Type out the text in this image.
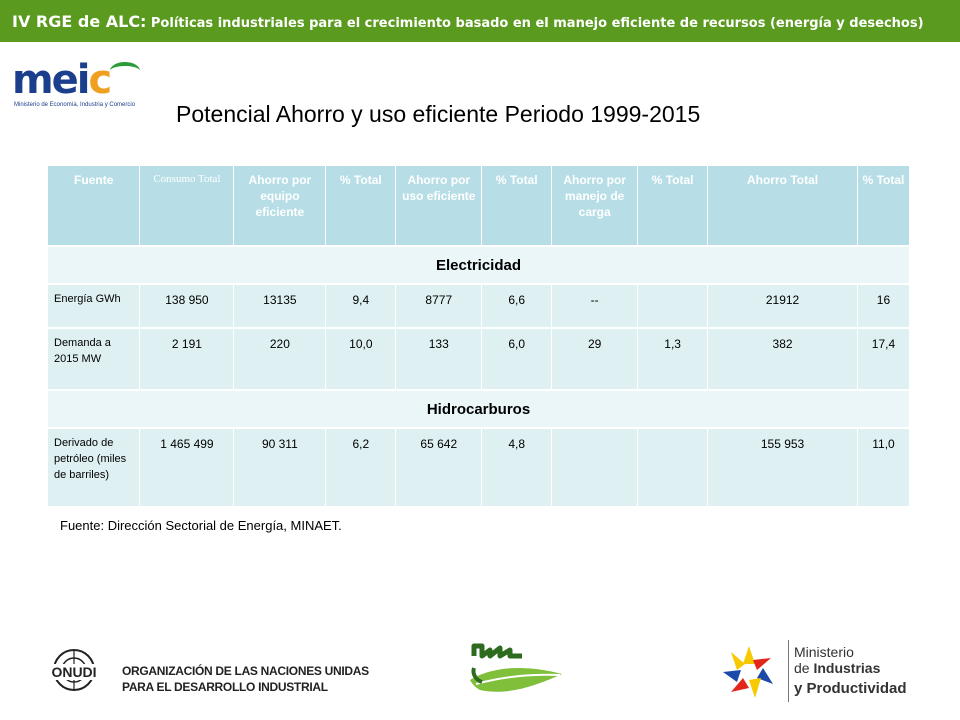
IV RGE de ALC: Políticas industriales para el crecimiento basado en el manejo eficiente de recursos (energía y desechos)
meic
Ministerio de Economía, Industria y Comercio Potencial Ahorro y uso eficiente Periodo 1999-2015
Fuente	Consumo Total	Ahorro por equipo eficiente	% Total	Ahorro por uso eficiente	% Total	Ahorro por manejo de carga	% Total	Ahorro Total	% Total
Electricidad									
Energía GWh	138 950	13135	9,4	8777	6,6	--		21912	16
Demanda a 2015 MW	2 191	220	10,0	133	6,0	29	1,3	382	17,4
Hidrocarburos									
Derivado de petróleo (miles de barriles)	1 465 499	90 311	6,2	65 642	4,8			155 953	11,0
Fuente: Dirección Sectorial de Energía, MINAET.
ONUDI ORGANIZACIÓN DE LAS NACIONES UNIDAS
PARA EL DESARROLLO INDUSTRIAL
Ministerio
de Industrias
y Productividad
